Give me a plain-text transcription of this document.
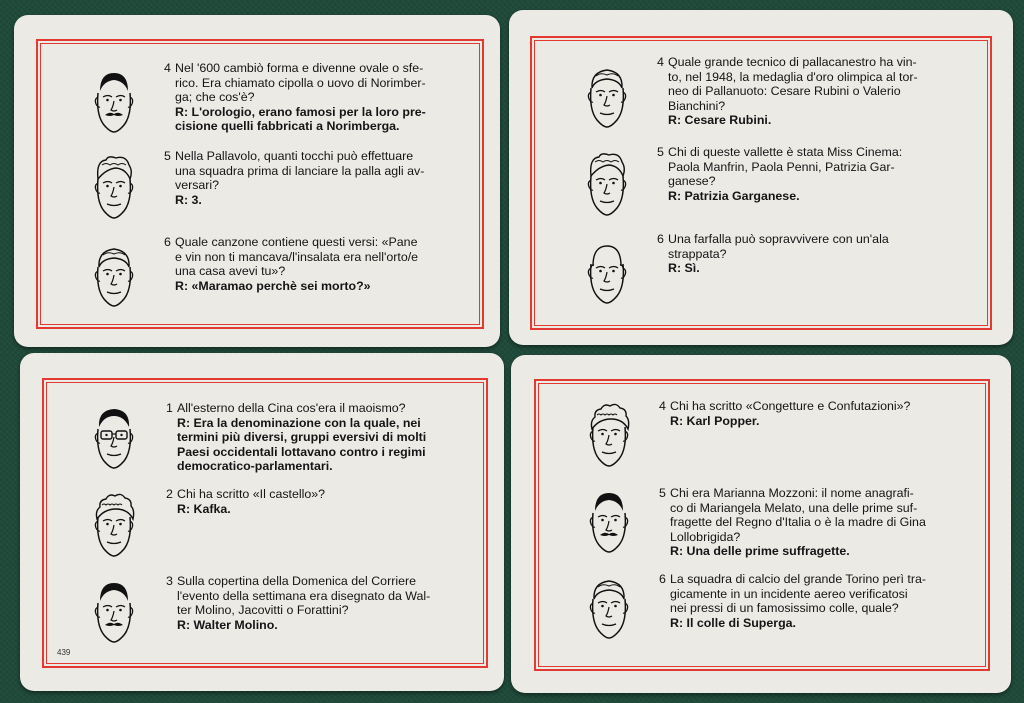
4 Nel '600 cambiò forma e divenne ovale o sfe-
rico. Era chiamato cipolla o uovo di Norimber-
ga; che cos'è?
R: L'orologio, erano famosi per la loro pre-
cisione quelli fabbricati a Norimberga.
5 Nella Pallavolo, quanti tocchi può effettuare
una squadra prima di lanciare la palla agli av-
versari?
R: 3.
6 Quale canzone contiene questi versi: «Pane
e vin non ti mancava/l'insalata era nell'orto/e
una casa avevi tu»?
R: «Maramao perchè sei morto?»
4 Quale grande tecnico di pallacanestro ha vin-
to, nel 1948, la medaglia d'oro olimpica al tor-
neo di Pallanuoto: Cesare Rubini o Valerio
Bianchini?
R: Cesare Rubini.
5 Chi di queste vallette è stata Miss Cinema:
Paola Manfrin, Paola Penni, Patrizia Gar-
ganese?
R: Patrizia Garganese.
6 Una farfalla può sopravvivere con un'ala
strappata?
R: Sì.
1 All'esterno della Cina cos'era il maoismo?
R: Era la denominazione con la quale, nei
termini più diversi, gruppi eversivi di molti
Paesi occidentali lottavano contro i regimi
democratico-parlamentari.
2 Chi ha scritto «Il castello»?
R: Kafka.
3 Sulla copertina della Domenica del Corriere
l'evento della settimana era disegnato da Wal-
ter Molino, Jacovitti o Forattini?
R: Walter Molino.
439
4 Chi ha scritto «Congetture e Confutazioni»?
R: Karl Popper.
5 Chi era Marianna Mozzoni: il nome anagrafi-
co di Mariangela Melato, una delle prime suf-
fragette del Regno d'Italia o è la madre di Gina
Lollobrigida?
R: Una delle prime suffragette.
6 La squadra di calcio del grande Torino perì tra-
gicamente in un incidente aereo verificatosi
nei pressi di un famosissimo colle, quale?
R: Il colle di Superga.
